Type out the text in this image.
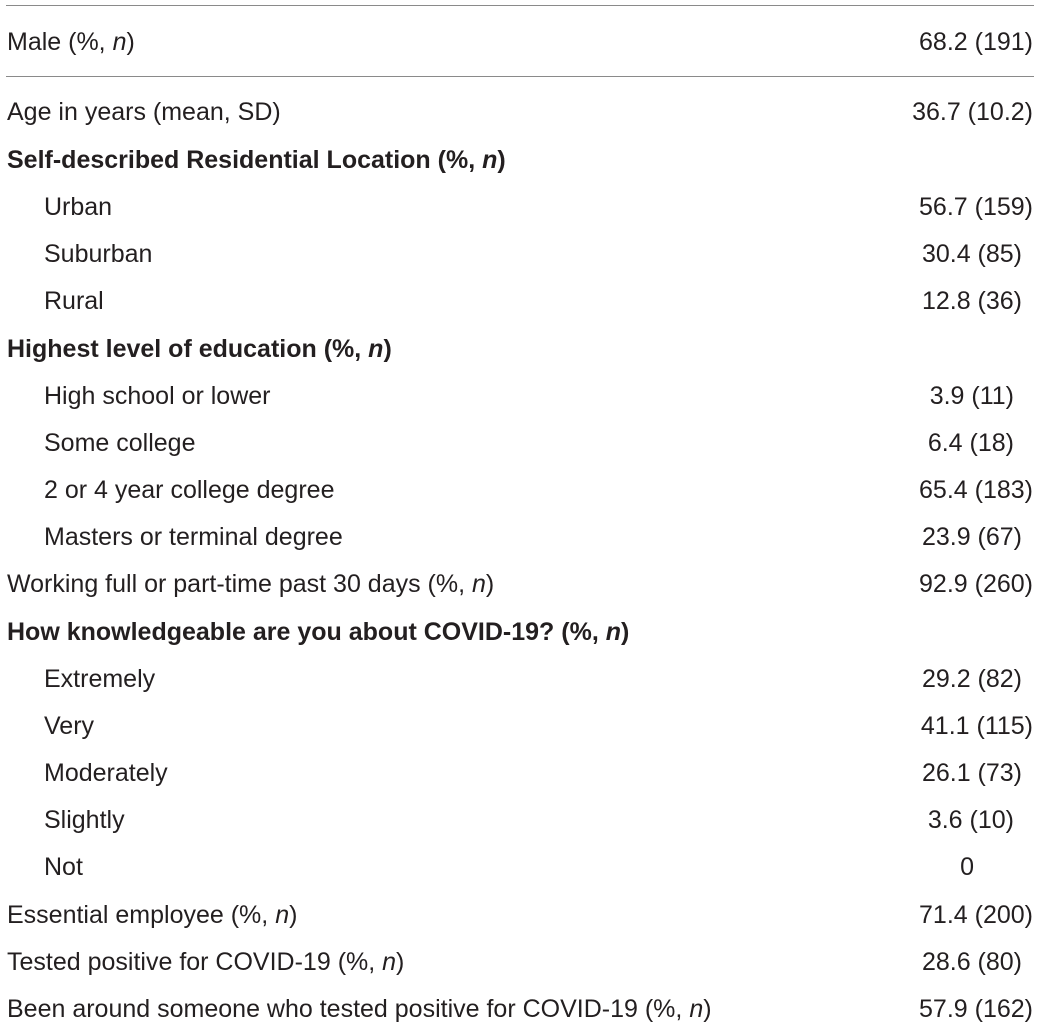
Male (%, n)	68.2 (191)
Age in years (mean, SD)	36.7 (10.2)
Self-described Residential Location (%, n)
Urban	56.7 (159)
Suburban	30.4 (85)
Rural	12.8 (36)
Highest level of education (%, n)
High school or lower	3.9 (11)
Some college	6.4 (18)
2 or 4 year college degree	65.4 (183)
Masters or terminal degree	23.9 (67)
Working full or part-time past 30 days (%, n)	92.9 (260)
How knowledgeable are you about COVID-19? (%, n)
Extremely	29.2 (82)
Very	41.1 (115)
Moderately	26.1 (73)
Slightly	3.6 (10)
Not	0
Essential employee (%, n)	71.4 (200)
Tested positive for COVID-19 (%, n)	28.6 (80)
Been around someone who tested positive for COVID-19 (%, n)	57.9 (162)
